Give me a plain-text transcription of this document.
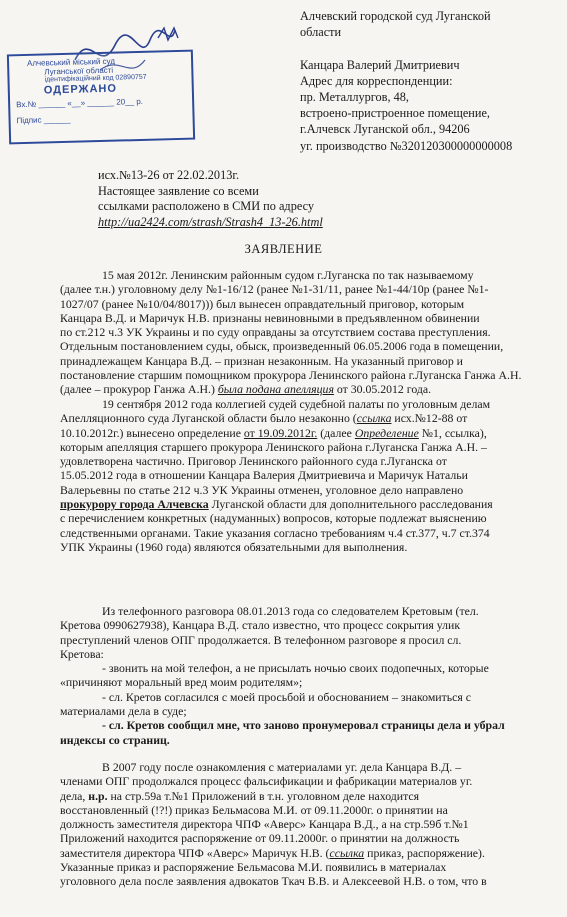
Алчевський міський суд
Луганської області
ідентифікаційний код 02890757
ОДЕРЖАНО
Вх.№ ______ «__» ______ 20__ р.
Підпис ______
Алчевский городской суд Луганской
области

Канцара Валерий Дмитриевич
Адрес для корреспонденции:
пр. Металлургов, 48,
встроено-пристроенное помещение,
г.Алчевск Луганской обл., 94206
уг. производство №320120300000000008
исх.№13-26 от 22.02.2013г.
Настоящее заявление со всеми
ссылками расположено в СМИ по адресу
http://ua2424.com/strash/Strash4_13-26.html
ЗАЯВЛЕНИЕ
15 мая 2012г. Ленинским районным судом г.Луганска по так называемому
(далее т.н.) уголовному делу №1-16/12 (ранее №1-31/11, ранее №1-44/10р (ранее №1-
1027/07 (ранее №10/04/8017))) был вынесен оправдательный приговор, которым
Канцара В.Д. и Маричук Н.В. признаны невиновными в предъявленном обвинении
по ст.212 ч.3 УК Украины и по суду оправданы за отсутствием состава преступления.
Отдельным постановлением суды, обыск, произведенный 06.05.2006 года в помещении,
принадлежащем Канцара В.Д. – признан незаконным. На указанный приговор и
постановление старшим помощником прокурора Ленинского района г.Луганска Ганжа А.Н.
(далее – прокурор Ганжа А.Н.) была подана апелляция от 30.05.2012 года.
19 сентября 2012 года коллегией судей судебной палаты по уголовным делам
Апелляционного суда Луганской области было незаконно (ссылка исх.№12-88 от
10.10.2012г.) вынесено определение от 19.09.2012г. (далее Определение №1, ссылка),
которым апелляция старшего прокурора Ленинского района г.Луганска Ганжа А.Н. –
удовлетворена частично. Приговор Ленинского районного суда г.Луганска от
15.05.2012 года в отношении Канцара Валерия Дмитриевича и Маричук Натальи
Валерьевны по статье 212 ч.3 УК Украины отменен, уголовное дело направлено
прокурору города Алчевска Луганской области для дополнительного расследования
с перечислением конкретных (надуманных) вопросов, которые подлежат выяснению
следственными органами. Такие указания согласно требованиям ч.4 ст.377, ч.7 ст.374
УПК Украины (1960 года) являются обязательными для выполнения.
Из телефонного разговора 08.01.2013 года со следователем Кретовым (тел.
Кретова 0990627938), Канцара В.Д. стало известно, что процесс сокрытия улик
преступлений членов ОПГ продолжается. В телефонном разговоре я просил сл.
Кретова:
- звонить на мой телефон, а не присылать ночью своих подопечных, которые
«причиняют моральный вред моим родителям»;
- сл. Кретов согласился с моей просьбой и обоснованием – знакомиться с
материалами дела в суде;
- сл. Кретов сообщил мне, что заново пронумеровал страницы дела и убрал
индексы со страниц.
В 2007 году после ознакомления с материалами уг. дела Канцара В.Д. –
членами ОПГ продолжался процесс фальсификации и фабрикации материалов уг.
дела, н.р. на стр.59а т.№1 Приложений в т.н. уголовном деле находится
восстановленный (!?!) приказ Бельмасова М.И. от 09.11.2000г. о принятии на
должность заместителя директора ЧПФ «Аверс» Канцара В.Д., а на стр.59б т.№1
Приложений находится распоряжение от 09.11.2000г. о принятии на должность
заместителя директора ЧПФ «Аверс» Маричук Н.В. (ссылка приказ, распоряжение).
Указанные приказ и распоряжение Бельмасова М.И. появились в материалах
уголовного дела после заявления адвокатов Ткач В.В. и Алексеевой Н.В. о том, что в
